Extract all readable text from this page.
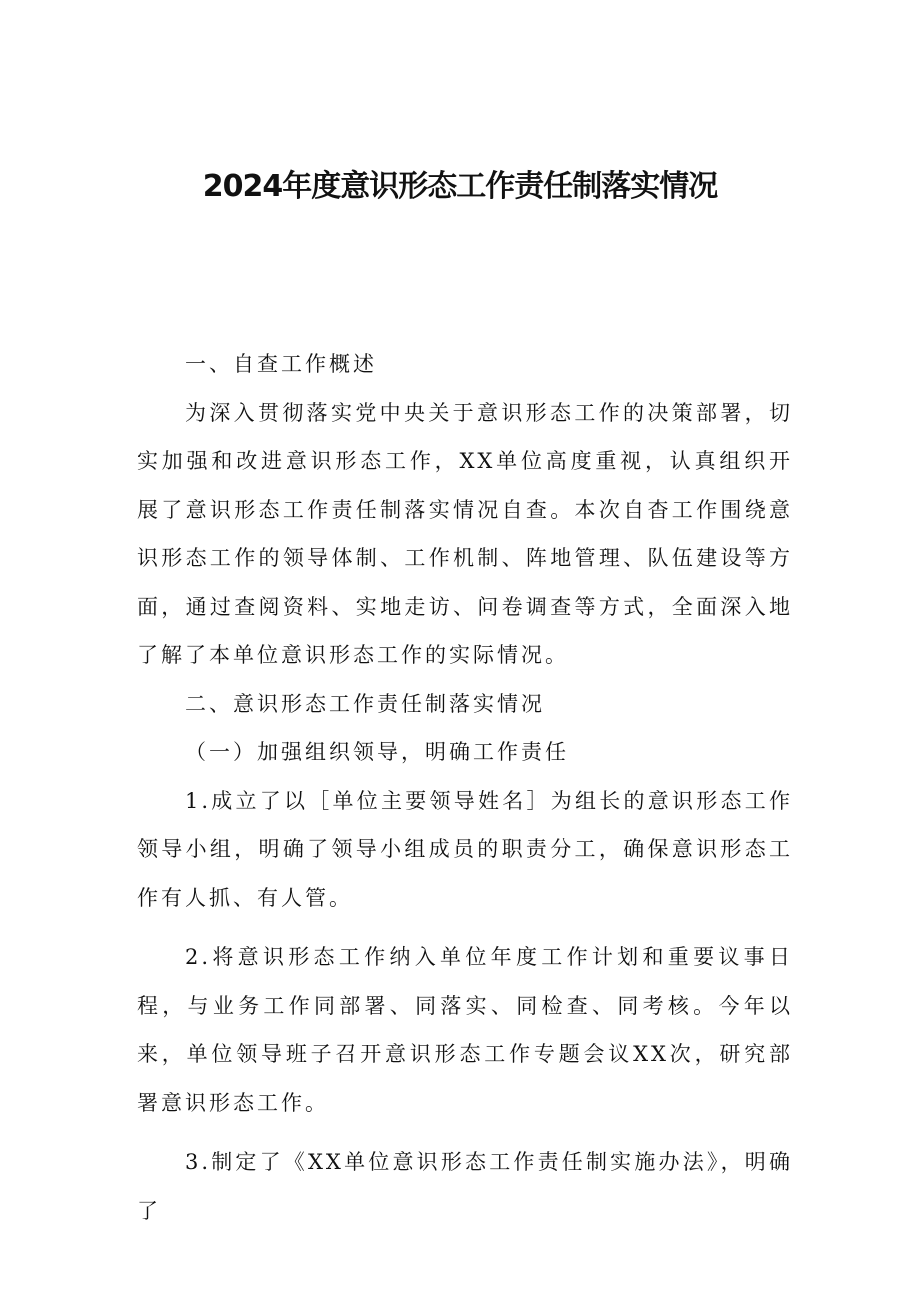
2024年度意识形态工作责任制落实情况

一、自查工作概述

为深入贯彻落实党中央关于意识形态工作的决策部署，切实加强和改进意识形态工作，XX单位高度重视，认真组织开展了意识形态工作责任制落实情况自查。本次自杳工作围绕意识形态工作的领导体制、工作机制、阵地管理、队伍建设等方面，通过查阅资料、实地走访、问卷调查等方式，全面深入地了解了本单位意识形态工作的实际情况。

二、意识形态工作责任制落实情况

（一）加强组织领导，明确工作责任

1.成立了以［单位主要领导姓名］为组长的意识形态工作领导小组，明确了领导小组成员的职责分工，确保意识形态工作有人抓、有人管。

2.将意识形态工作纳入单位年度工作计划和重要议事日程，与业务工作同部署、同落实、同检查、同考核。今年以来，单位领导班子召开意识形态工作专题会议XX次，研究部署意识形态工作。

3.制定了《XX单位意识形态工作责任制实施办法》，明确了
